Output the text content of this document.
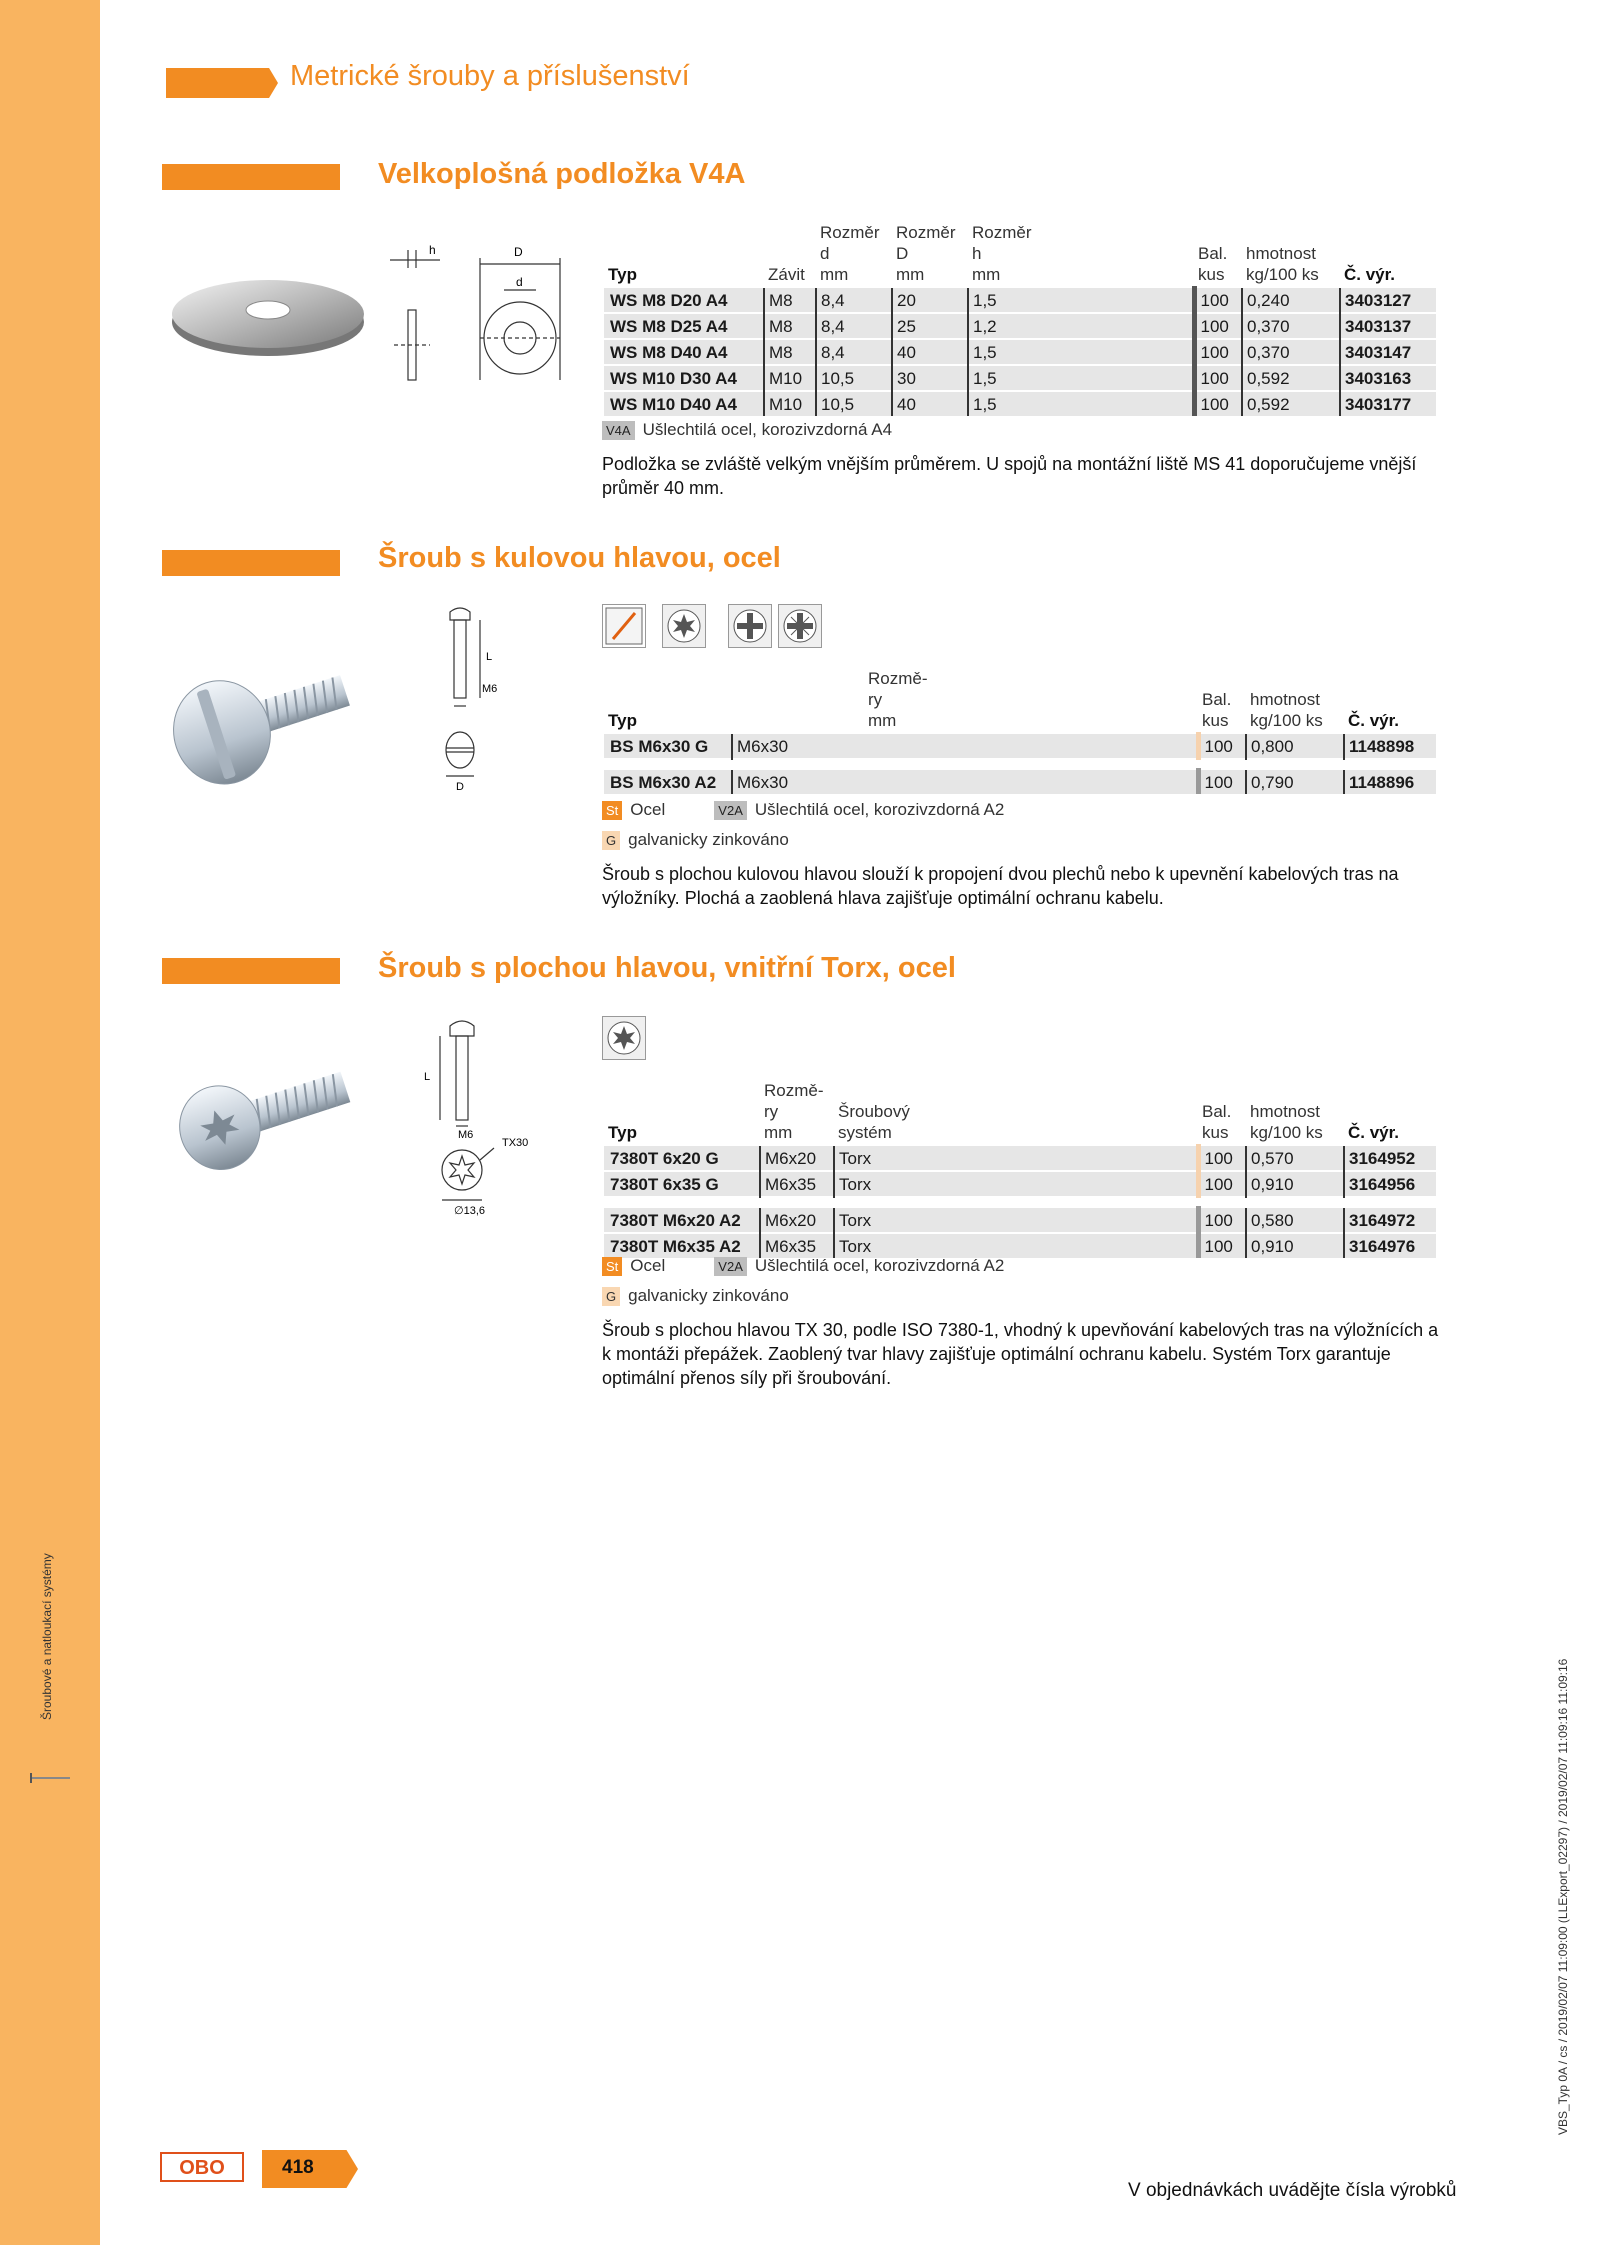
Šroubové a natloukací systémy
VBS_Typ 0A / cs / 2019/02/07 11:09:00 (LLExport_02297) / 2019/02/07 11:09:16 11:09:16
Metrické šrouby a příslušenství
Velkoplošná podložka V4A
h	D
d	Typ	Závit	Rozměr
d
mm	Rozměr
D
mm	Rozměr
h
mm	Bal.
kus	hmotnost
kg/100 ks	Č. výr.
WS M8 D20 A4	M8	8,4	20	1,5	100	0,240	3403127
WS M8 D25 A4	M8	8,4	25	1,2	100	0,370	3403137
WS M8 D40 A4	M8	8,4	40	1,5	100	0,370	3403147
WS M10 D30 A4	M10	10,5	30	1,5	100	0,592	3403163
WS M10 D40 A4	M10	10,5	40	1,5	100	0,592	3403177
V4A Ušlechtilá ocel, korozivzdorná A4
Podložka se zvláště velkým vnějším průměrem. U spojů na montážní liště MS 41 doporučujeme vnější průměr 40 mm.
Šroub s kulovou hlavou, ocel
L
M6
D
Typ	Rozmě-
ry
mm	Bal.
kus	hmotnost
kg/100 ks	Č. výr.
BS M6x30 G	M6x30	100	0,800	1148898

BS M6x30 A2	M6x30	100	0,790	1148896
St Ocel	V2A Ušlechtilá ocel, korozivzdorná A2
G galvanicky zinkováno
Šroub s plochou kulovou hlavou slouží k propojení dvou plechů nebo k upevnění kabelových tras na výložníky. Plochá a zaoblená hlava zajišťuje optimální ochranu kabelu.
Šroub s plochou hlavou, vnitřní Torx, ocel
L
M6
TX30
∅13,6
Typ	Rozmě-
ry
mm	Šroubový
systém	Bal.
kus	hmotnost
kg/100 ks	Č. výr.
7380T 6x20 G	M6x20	Torx	100	0,570	3164952
7380T 6x35 G	M6x35	Torx	100	0,910	3164956

7380T M6x20 A2	M6x20	Torx	100	0,580	3164972
7380T M6x35 A2	M6x35	Torx	100	0,910	3164976
St Ocel	V2A Ušlechtilá ocel, korozivzdorná A2
G galvanicky zinkováno
Šroub s plochou hlavou TX 30, podle ISO 7380-1, vhodný k upevňování kabelových tras na výložnících a k montáži přepážek. Zaoblený tvar hlavy zajišťuje optimální ochranu kabelu. Systém Torx garantuje optimální přenos síly při šroubování.
OBO	418
V objednávkách uvádějte čísla výrobků
